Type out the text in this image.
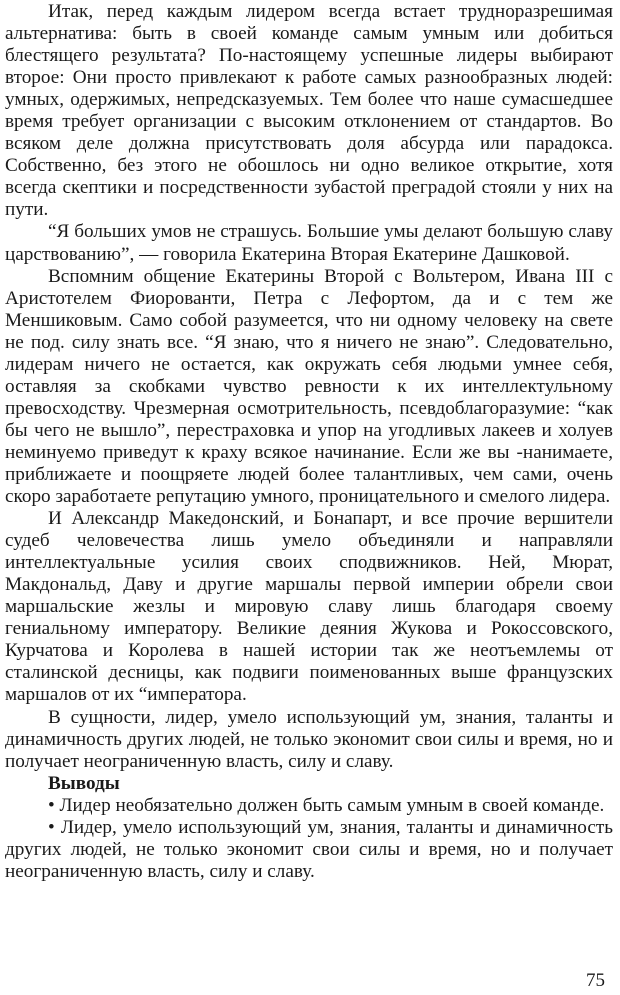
Итак, перед каждым лидером всегда встает трудноразрешимая альтернатива: быть в своей команде самым умным или добиться блестящего результата? По-настоящему успешные лидеры выбирают второе: Они просто привлекают к работе самых разнообразных людей: умных, одержимых, непредсказуемых. Тем более что наше сумасшедшее время требует организации с высоким отклонением от стандартов. Во всяком деле должна присутствовать доля абсурда или парадокса. Собственно, без этого не обошлось ни одно великое открытие, хотя всегда скептики и посредственности зубастой преградой стояли у них на пути.

“Я больших умов не страшусь. Большие умы делают большую славу царствованию”, — говорила Екатерина Вторая Екатерине Дашковой.

Вспомним общение Екатерины Второй с Вольтером, Ивана III с Аристотелем Фиорованти, Петра с Лефортом, да и с тем же Меншиковым. Само собой разумеется, что ни одному человеку на свете не под. силу знать все. “Я знаю, что я ничего не знаю”. Следовательно, лидерам ничего не остается, как окружать себя людьми умнее себя, оставляя за скобками чувство ревности к их интеллектульному превосходству. Чрезмерная осмотрительность, псевдоблагоразумие: “как бы чего не вышло”, перестраховка и упор на угодливых лакеев и холуев неминуемо приведут к краху всякое начинание. Если же вы -нанимаете, приближаете и поощряете людей более талантливых, чем сами, очень скоро заработаете репутацию умного, проницательного и смелого лидера.

И Александр Македонский, и Бонапарт, и все прочие вершители судеб человечества лишь умело объединяли и направляли интеллектуальные усилия своих сподвижников. Ней, Мюрат, Макдональд, Даву и другие маршалы первой империи обрели свои маршальские жезлы и мировую славу лишь благодаря своему гениальному императору. Великие деяния Жукова и Рокоссовского, Курчатова и Королева в нашей истории так же неотъемлемы от сталинской десницы, как подвиги поименованных выше французских маршалов от их “императора.

В сущности, лидер, умело использующий ум, знания, таланты и динамичность других людей, не только экономит свои силы и время, но и получает неограниченную власть, силу и славу.

Выводы

• Лидер необязательно должен быть самым умным в своей команде.

• Лидер, умело использующий ум, знания, таланты и динамичность других людей, не только экономит свои силы и время, но и получает неограниченную власть, силу и славу.

75
